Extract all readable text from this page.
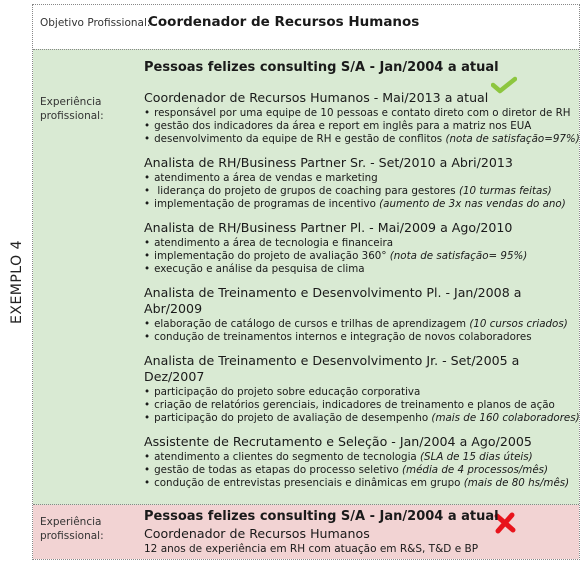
EXEMPLO 4
Objetivo Profissional:
Coordenador de Recursos Humanos
Experiência
profissional:
Pessoas felizes consulting S/A - Jan/2004 a atual
Coordenador de Recursos Humanos - Mai/2013 a atual
• responsável por uma equipe de 10 pessoas e contato direto com o diretor de RH
• gestão dos indicadores da área e report em inglês para a matriz nos EUA
• desenvolvimento da equipe de RH e gestão de conflitos (nota de satisfação=97%)
Analista de RH/Business Partner Sr. - Set/2010 a Abri/2013
• atendimento a área de vendas e marketing
• liderança do projeto de grupos de coaching para gestores (10 turmas feitas)
• implementação de programas de incentivo (aumento de 3x nas vendas do ano)
Analista de RH/Business Partner Pl. - Mai/2009 a Ago/2010
• atendimento a área de tecnologia e financeira
• implementação do projeto de avaliação 360° (nota de satisfação= 95%)
• execução e análise da pesquisa de clima
Analista de Treinamento e Desenvolvimento Pl. - Jan/2008 a Abr/2009
• elaboração de catálogo de cursos e trilhas de aprendizagem (10 cursos criados)
• condução de treinamentos internos e integração de novos colaboradores
Analista de Treinamento e Desenvolvimento Jr. - Set/2005 a Dez/2007
• participação do projeto sobre educação corporativa
• criação de relatórios gerenciais, indicadores de treinamento e planos de ação
• participação do projeto de avaliação de desempenho (mais de 160 colaboradores)
Assistente de Recrutamento e Seleção - Jan/2004 a Ago/2005
• atendimento a clientes do segmento de tecnologia (SLA de 15 dias úteis)
• gestão de todas as etapas do processo seletivo (média de 4 processos/mês)
• condução de entrevistas presenciais e dinâmicas em grupo (mais de 80 hs/mês)
Experiência
profissional:
Pessoas felizes consulting S/A - Jan/2004 a atual
Coordenador de Recursos Humanos
12 anos de experiência em RH com atuação em R&S, T&D e BP
